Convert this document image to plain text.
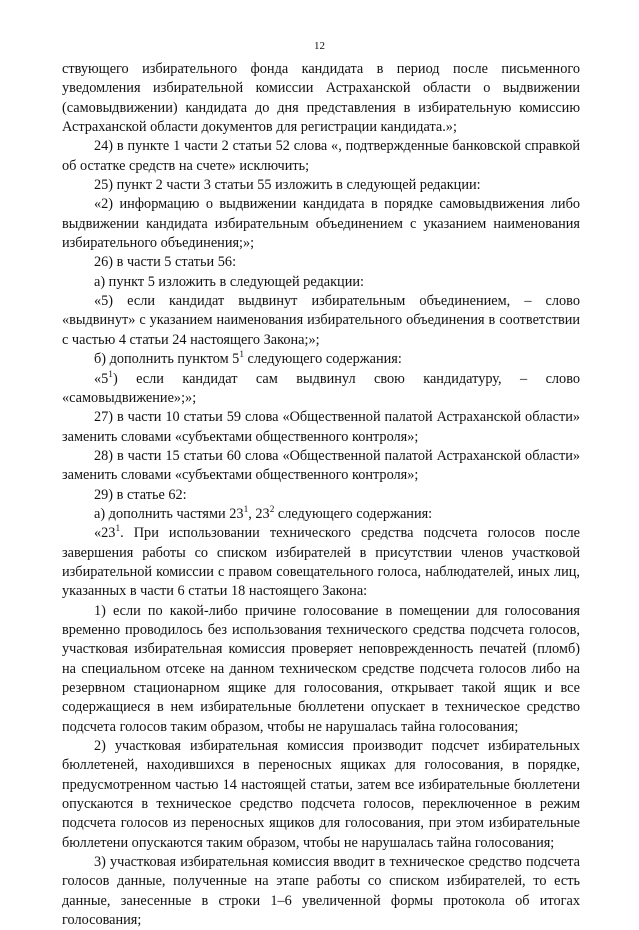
12

ствующего избирательного фонда кандидата в период после письменного уведомления избирательной комиссии Астраханской области о выдвижении (самовыдвижении) кандидата до дня представления в избирательную комиссию Астраханской области документов для регистрации кандидата.»;

24) в пункте 1 части 2 статьи 52 слова «, подтвержденные банковской справкой об остатке средств на счете» исключить;

25) пункт 2 части 3 статьи 55 изложить в следующей редакции:

«2) информацию о выдвижении кандидата в порядке самовыдвижения либо выдвижении кандидата избирательным объединением с указанием наименования избирательного объединения;»;

26) в части 5 статьи 56:

а) пункт 5 изложить в следующей редакции:

«5) если кандидат выдвинут избирательным объединением, – слово «выдвинут» с указанием наименования избирательного объединения в соответствии с частью 4 статьи 24 настоящего Закона;»;

б) дополнить пунктом $5^1$ следующего содержания:

«$5^1$) если кандидат сам выдвинул свою кандидатуру, – слово «самовыдвижение»;»;

27) в части 10 статьи 59 слова «Общественной палатой Астраханской области» заменить словами «субъектами общественного контроля»;

28) в части 15 статьи 60 слова «Общественной палатой Астраханской области» заменить словами «субъектами общественного контроля»;

29) в статье 62:

а) дополнить частями $23^1$, $23^2$ следующего содержания:

«$23^1$. При использовании технического средства подсчета голосов после завершения работы со списком избирателей в присутствии членов участковой избирательной комиссии с правом совещательного голоса, наблюдателей, иных лиц, указанных в части 6 статьи 18 настоящего Закона:

1) если по какой-либо причине голосование в помещении для голосования временно проводилось без использования технического средства подсчета голосов, участковая избирательная комиссия проверяет неповрежденность печатей (пломб) на специальном отсеке на данном техническом средстве подсчета голосов либо на резервном стационарном ящике для голосования, открывает такой ящик и все содержащиеся в нем избирательные бюллетени опускает в техническое средство подсчета голосов таким образом, чтобы не нарушалась тайна голосования;

2) участковая избирательная комиссия производит подсчет избирательных бюллетеней, находившихся в переносных ящиках для голосования, в порядке, предусмотренном частью 14 настоящей статьи, затем все избирательные бюллетени опускаются в техническое средство подсчета голосов, переключенное в режим подсчета голосов из переносных ящиков для голосования, при этом избирательные бюллетени опускаются таким образом, чтобы не нарушалась тайна голосования;

3) участковая избирательная комиссия вводит в техническое средство подсчета голосов данные, полученные на этапе работы со списком избирателей, то есть данные, занесенные в строки 1–6 увеличенной формы протокола об итогах голосования;
